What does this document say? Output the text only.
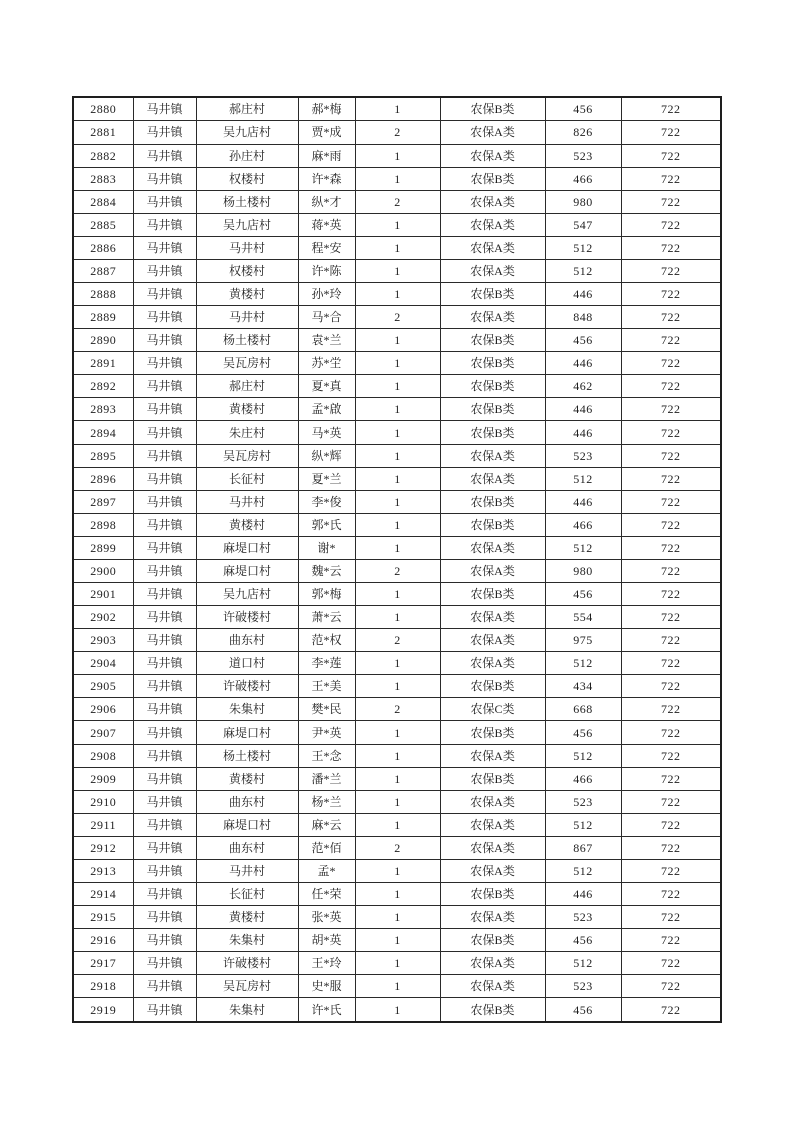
2880	马井镇	郝庄村	郝*梅	1	农保B类	456	722
2881	马井镇	吴九店村	贾*成	2	农保A类	826	722
2882	马井镇	孙庄村	麻*雨	1	农保A类	523	722
2883	马井镇	权楼村	许*森	1	农保B类	466	722
2884	马井镇	杨土楼村	纵*才	2	农保A类	980	722
2885	马井镇	吴九店村	蒋*英	1	农保A类	547	722
2886	马井镇	马井村	程*安	1	农保A类	512	722
2887	马井镇	权楼村	许*陈	1	农保A类	512	722
2888	马井镇	黄楼村	孙*玲	1	农保B类	446	722
2889	马井镇	马井村	马*合	2	农保A类	848	722
2890	马井镇	杨土楼村	袁*兰	1	农保B类	456	722
2891	马井镇	吴瓦房村	苏*坣	1	农保B类	446	722
2892	马井镇	郝庄村	夏*真	1	农保B类	462	722
2893	马井镇	黄楼村	孟*啟	1	农保B类	446	722
2894	马井镇	朱庄村	马*英	1	农保B类	446	722
2895	马井镇	吴瓦房村	纵*辉	1	农保A类	523	722
2896	马井镇	长征村	夏*兰	1	农保A类	512	722
2897	马井镇	马井村	李*俊	1	农保B类	446	722
2898	马井镇	黄楼村	郭*氏	1	农保B类	466	722
2899	马井镇	麻堤口村	谢*	1	农保A类	512	722
2900	马井镇	麻堤口村	魏*云	2	农保A类	980	722
2901	马井镇	吴九店村	郭*梅	1	农保B类	456	722
2902	马井镇	许破楼村	萧*云	1	农保A类	554	722
2903	马井镇	曲东村	范*权	2	农保A类	975	722
2904	马井镇	道口村	李*莲	1	农保A类	512	722
2905	马井镇	许破楼村	王*美	1	农保B类	434	722
2906	马井镇	朱集村	樊*民	2	农保C类	668	722
2907	马井镇	麻堤口村	尹*英	1	农保B类	456	722
2908	马井镇	杨土楼村	王*念	1	农保A类	512	722
2909	马井镇	黄楼村	潘*兰	1	农保B类	466	722
2910	马井镇	曲东村	杨*兰	1	农保A类	523	722
2911	马井镇	麻堤口村	麻*云	1	农保A类	512	722
2912	马井镇	曲东村	范*佰	2	农保A类	867	722
2913	马井镇	马井村	孟*	1	农保A类	512	722
2914	马井镇	长征村	任*荣	1	农保B类	446	722
2915	马井镇	黄楼村	张*英	1	农保A类	523	722
2916	马井镇	朱集村	胡*英	1	农保B类	456	722
2917	马井镇	许破楼村	王*玲	1	农保A类	512	722
2918	马井镇	吴瓦房村	史*服	1	农保A类	523	722
2919	马井镇	朱集村	许*氏	1	农保B类	456	722
